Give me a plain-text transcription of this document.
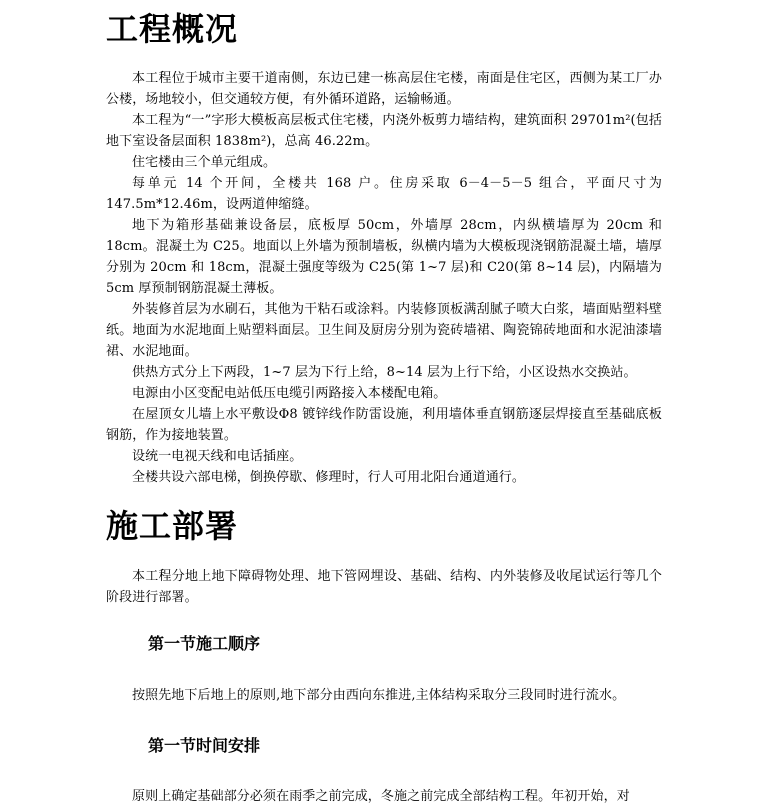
工程概况

本工程位于城市主要干道南侧，东边已建一栋高层住宅楼，南面是住宅区，西侧为某工厂办公楼，场地较小，但交通较方便，有外循环道路，运输畅通。

本工程为“一”字形大模板高层板式住宅楼，内浇外板剪力墙结构，建筑面积 29701m²(包括地下室设备层面积 1838m²)，总高 46.22m。

住宅楼由三个单元组成。

每单元 14 个开间，全楼共 168 户。住房采取 6－4－5－5 组合，平面尺寸为 147.5m*12.46m，设两道伸缩缝。

地下为箱形基础兼设备层，底板厚 50cm，外墙厚 28cm，内纵横墙厚为 20cm 和 18cm。混凝土为 C25。地面以上外墙为预制墙板，纵横内墙为大模板现浇钢筋混凝土墙，墙厚分别为 20cm 和 18cm，混凝土强度等级为 C25(第 1~7 层)和 C20(第 8~14 层)，内隔墙为 5cm 厚预制钢筋混凝土薄板。

外装修首层为水刷石，其他为干粘石或涂料。内装修顶板满刮腻子喷大白浆，墙面贴塑料壁纸。地面为水泥地面上贴塑料面层。卫生间及厨房分别为瓷砖墙裙、陶瓷锦砖地面和水泥油漆墙裙、水泥地面。

供热方式分上下两段，1~7 层为下行上给，8~14 层为上行下给，小区设热水交换站。

电源由小区变配电站低压电缆引两路接入本楼配电箱。

在屋顶女儿墙上水平敷设Φ8 镀锌线作防雷设施，利用墙体垂直钢筋逐层焊接直至基础底板钢筋，作为接地装置。

设统一电视天线和电话插座。

全楼共设六部电梯，倒换停歇、修理时，行人可用北阳台通道通行。

施工部署

本工程分地上地下障碍物处理、地下管网埋设、基础、结构、内外装修及收尾试运行等几个阶段进行部署。

第一节施工顺序

按照先地下后地上的原则,地下部分由西向东推进,主体结构采取分三段同时进行流水。

第一节时间安排

原则上确定基础部分必须在雨季之前完成，冬施之前完成全部结构工程。年初开始，对
